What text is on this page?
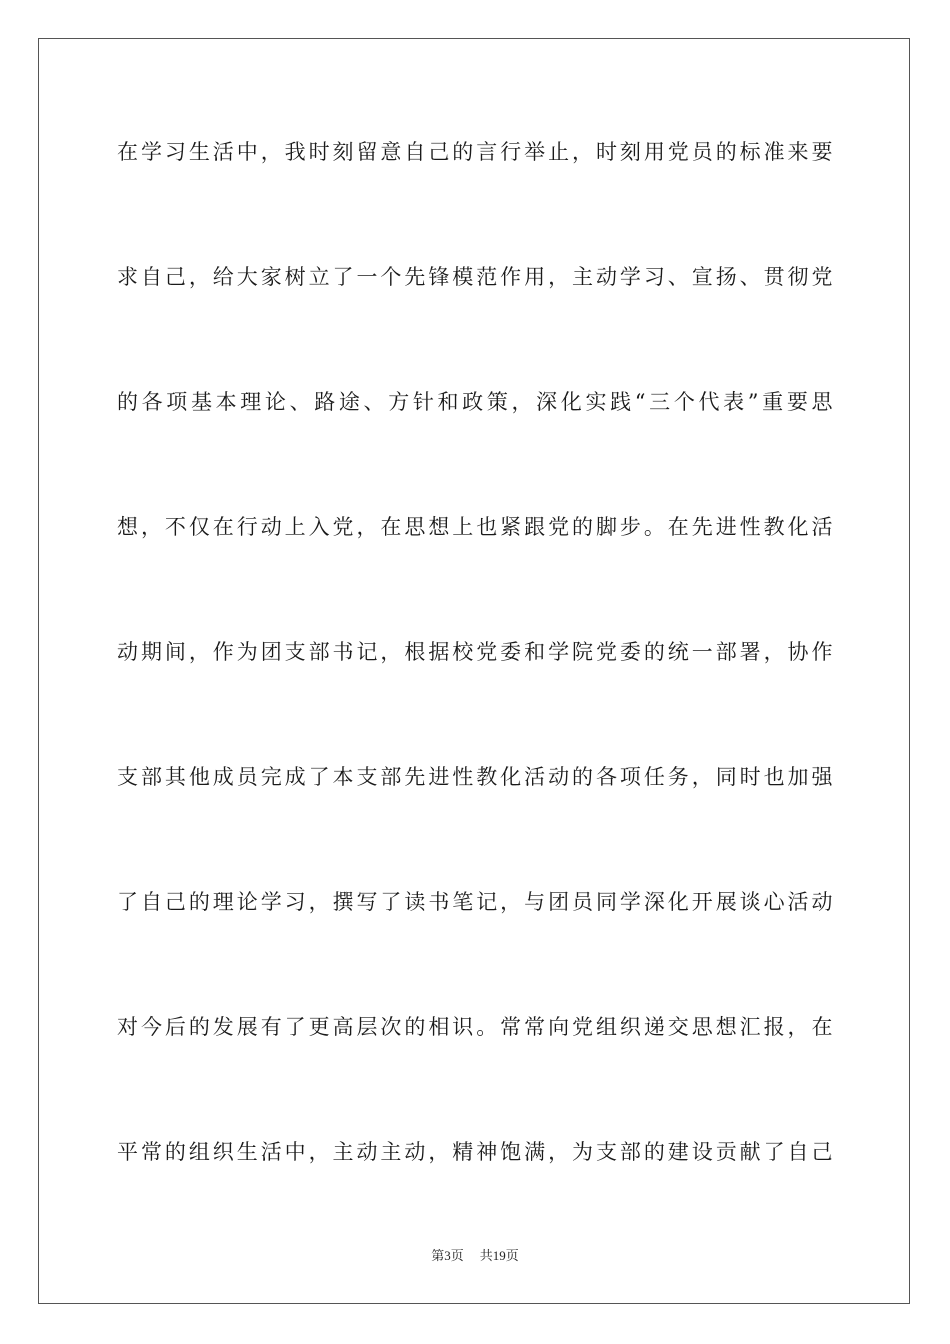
在学习生活中，我时刻留意自己的言行举止，时刻用党员的标准来要
求自己，给大家树立了一个先锋模范作用，主动学习、宣扬、贯彻党
的各项基本理论、路途、方针和政策，深化实践“三个代表”重要思
想，不仅在行动上入党，在思想上也紧跟党的脚步。在先进性教化活
动期间，作为团支部书记，根据校党委和学院党委的统一部署，协作
支部其他成员完成了本支部先进性教化活动的各项任务，同时也加强
了自己的理论学习，撰写了读书笔记，与团员同学深化开展谈心活动
对今后的发展有了更高层次的相识。常常向党组织递交思想汇报，在
平常的组织生活中，主动主动，精神饱满，为支部的建设贡献了自己
第3页 共19页
